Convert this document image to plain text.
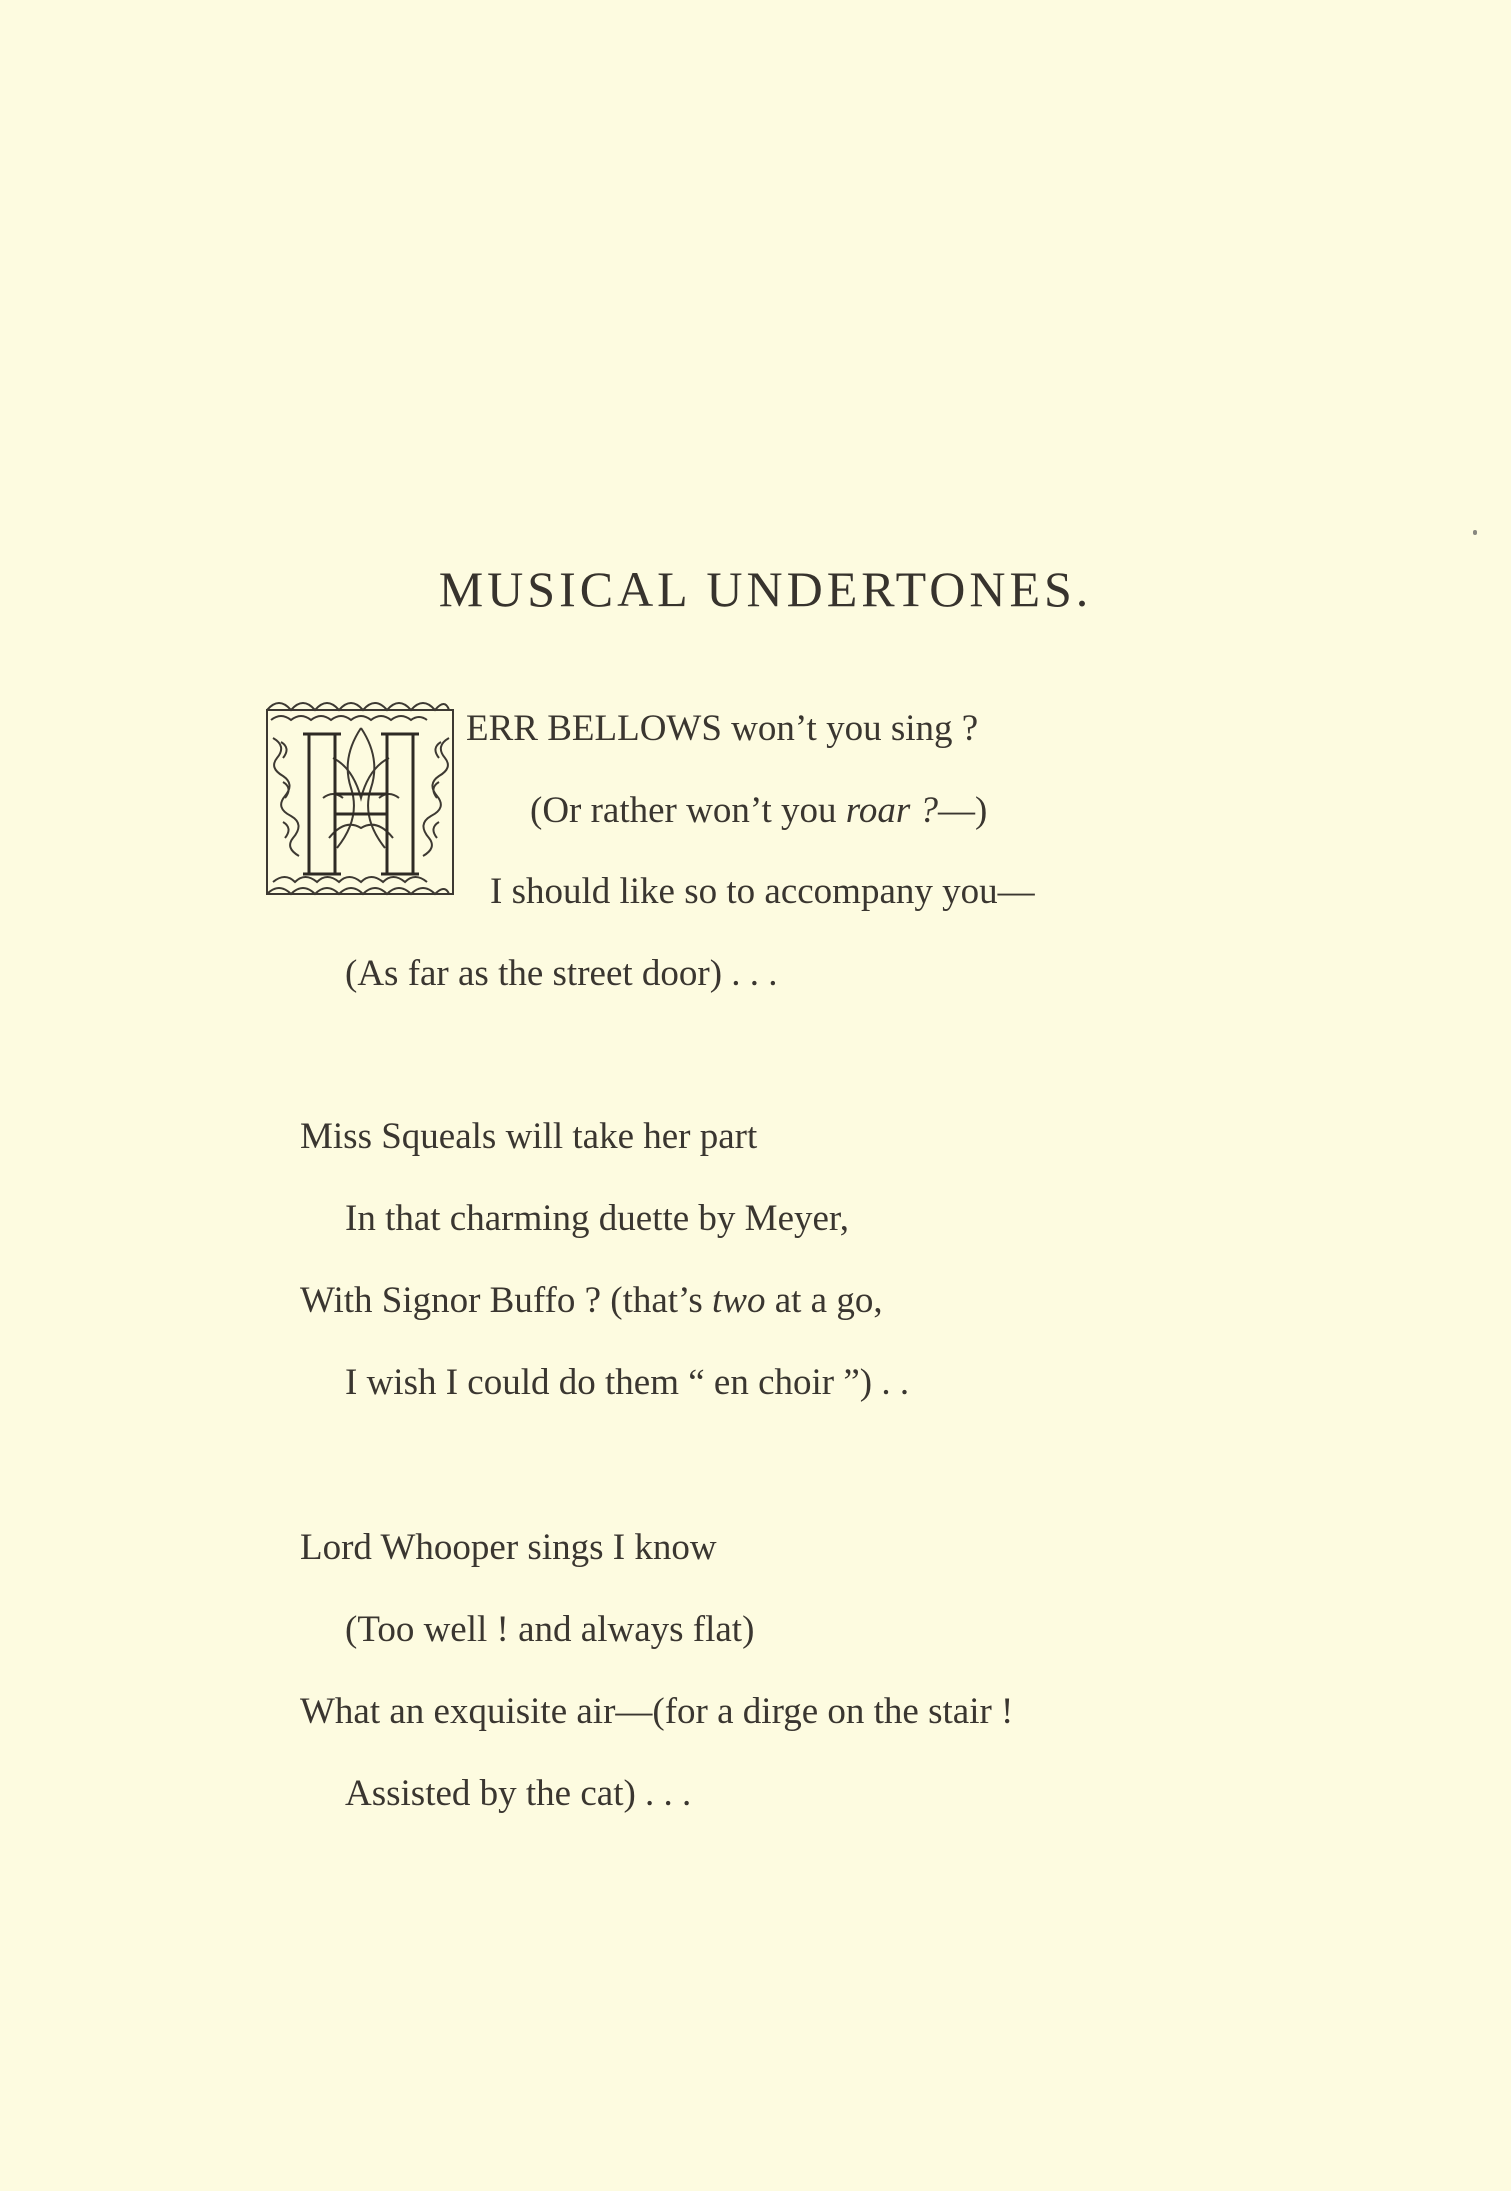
MUSICAL UNDERTONES.
H
ERR BELLOWS won’t you sing ?
(Or rather won’t you roar ?—)
I should like so to accompany you—
(As far as the street door) . . .
Miss Squeals will take her part
In that charming duette by Meyer,
With Signor Buffo ? (that’s two at a go,
I wish I could do them “ en choir ”) . .
Lord Whooper sings I know
(Too well ! and always flat)
What an exquisite air—(for a dirge on the stair !
Assisted by the cat) . . .
